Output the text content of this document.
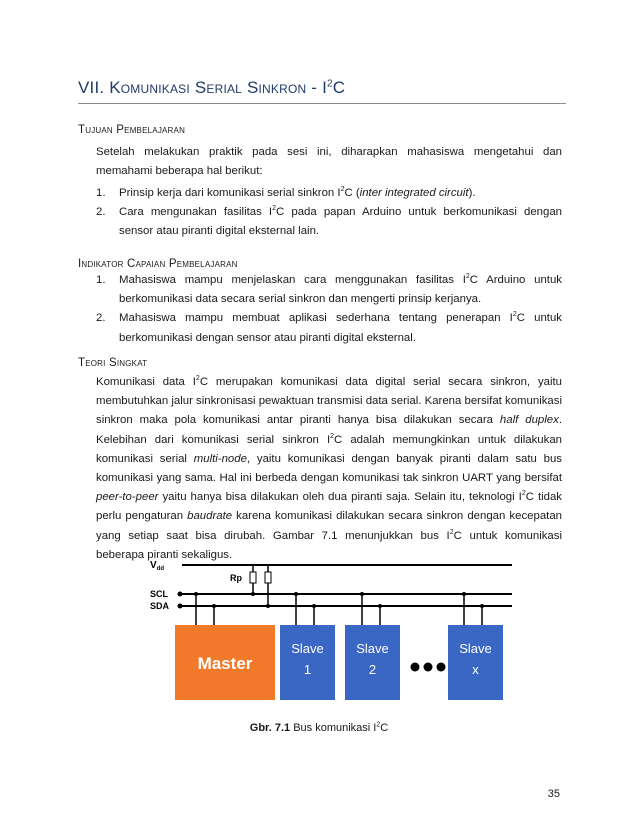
VII. Komunikasi Serial Sinkron - $I^2C$
Tujuan Pembelajaran
Setelah melakukan praktik pada sesi ini, diharapkan mahasiswa mengetahui dan memahami beberapa hal berikut:
1. Prinsip kerja dari komunikasi serial sinkron $I^2C$ (inter integrated circuit).
2. Cara mengunakan fasilitas $I^2C$ pada papan Arduino untuk berkomunikasi dengan sensor atau piranti digital eksternal lain.
Indikator Capaian Pembelajaran
1. Mahasiswa mampu menjelaskan cara menggunakan fasilitas $I^2C$ Arduino untuk berkomunikasi data secara serial sinkron dan mengerti prinsip kerjanya.
2. Mahasiswa mampu membuat aplikasi sederhana tentang penerapan $I^2C$ untuk berkomunikasi dengan sensor atau piranti digital eksternal.
Teori Singkat
Komunikasi data $I^2C$ merupakan komunikasi data digital serial secara sinkron, yaitu membutuhkan jalur sinkronisasi pewaktuan transmisi data serial. Karena bersifat komunikasi sinkron maka pola komunikasi antar piranti hanya bisa dilakukan secara half duplex. Kelebihan dari komunikasi serial sinkron $I^2C$ adalah memungkinkan untuk dilakukan komunikasi serial multi-node, yaitu komunikasi dengan banyak piranti dalam satu bus komunikasi yang sama. Hal ini berbeda dengan komunikasi tak sinkron UART yang bersifat peer-to-peer yaitu hanya bisa dilakukan oleh dua piranti saja. Selain itu, teknologi $I^2C$ tidak perlu pengaturan baudrate karena komunikasi dilakukan secara sinkron dengan kecepatan yang setiap saat bisa dirubah. Gambar 7.1 menunjukkan bus $I^2C$ untuk komunikasi beberapa piranti sekaligus.
$V_{dd}$
SCL
SDA
Rp
Master
Slave
1
Slave
2
Slave
x
Gbr. 7.1 Bus komunikasi $I^2C$
35
